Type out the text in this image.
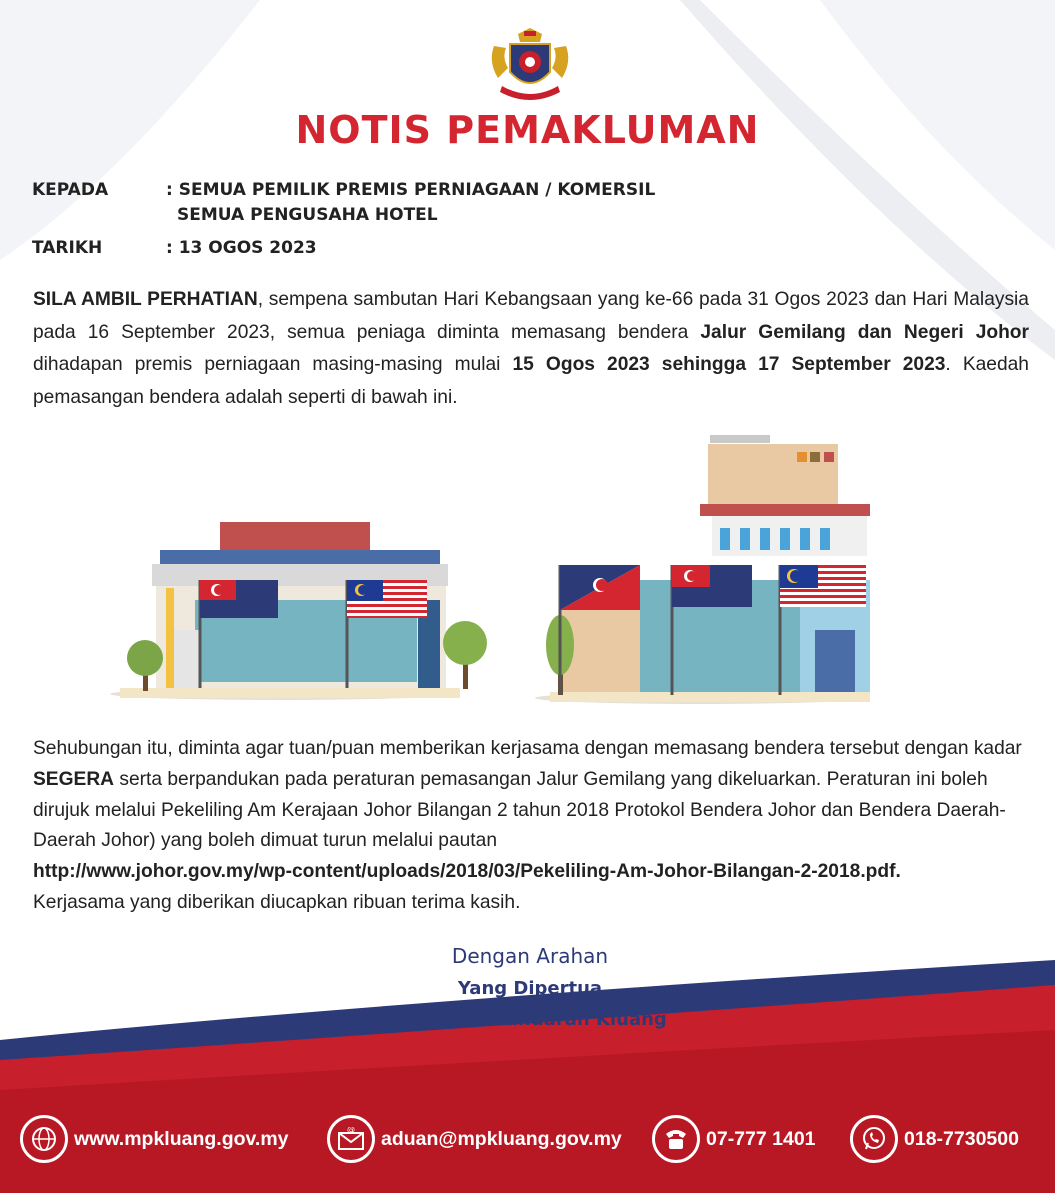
NOTIS PEMAKLUMAN
KEPADA	: SEMUA PEMILIK PREMIS PERNIAGAAN / KOMERSIL
SEMUA PENGUSAHA HOTEL
TARIKH	: 13 OGOS 2023
SILA AMBIL PERHATIAN, sempena sambutan Hari Kebangsaan yang ke-66 pada 31 Ogos 2023 dan Hari Malaysia pada 16 September 2023, semua peniaga diminta memasang bendera Jalur Gemilang dan Negeri Johor dihadapan premis perniagaan masing-masing mulai 15 Ogos 2023 sehingga 17 September 2023. Kaedah pemasangan bendera adalah seperti di bawah ini.
Sehubungan itu, diminta agar tuan/puan memberikan kerjasama dengan memasang bendera tersebut dengan kadar SEGERA serta berpandukan pada peraturan pemasangan Jalur Gemilang yang dikeluarkan. Peraturan ini boleh dirujuk melalui Pekeliling Am Kerajaan Johor Bilangan 2 tahun 2018 Protokol Bendera Johor dan Bendera Daerah-Daerah Johor) yang boleh dimuat turun melalui pautan
http://www.johor.gov.my/wp-content/uploads/2018/03/Pekeliling-Am-Johor-Bilangan-2-2018.pdf.
Kerjasama yang diberikan diucapkan ribuan terima kasih.
Dengan Arahan
Yang Dipertua
Majlis Perbandaran Kluang
www.mpkluang.gov.my	@ aduan@mpkluang.gov.my	07-777 1401	018-7730500
